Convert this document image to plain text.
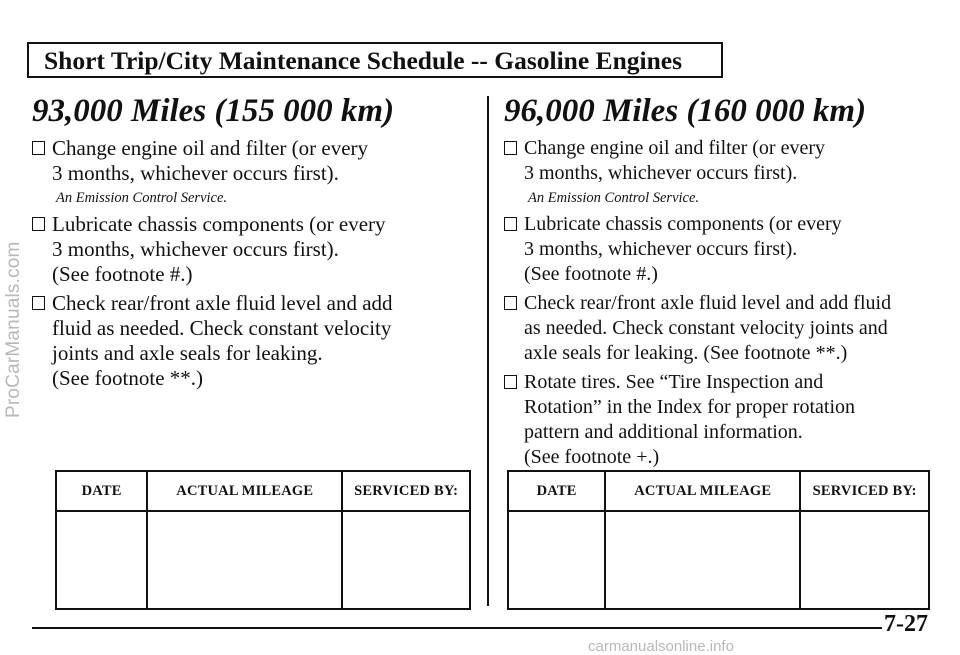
ProCarManuals.com
Short Trip/City Maintenance Schedule -- Gasoline Engines
93,000 Miles (155 000 km)
Change engine oil and filter (or every
3 months, whichever occurs first).
An Emission Control Service.
Lubricate chassis components (or every
3 months, whichever occurs first).
(See footnote #.)
Check rear/front axle fluid level and add
fluid as needed. Check constant velocity
joints and axle seals for leaking.
(See footnote **.)
96,000 Miles (160 000 km)
Change engine oil and filter (or every
3 months, whichever occurs first).
An Emission Control Service.
Lubricate chassis components (or every
3 months, whichever occurs first).
(See footnote #.)
Check rear/front axle fluid level and add fluid
as needed. Check constant velocity joints and
axle seals for leaking. (See footnote **.)
Rotate tires. See “Tire Inspection and
Rotation” in the Index for proper rotation
pattern and additional information.
(See footnote +.)
DATE	ACTUAL MILEAGE	SERVICED BY:
			DATE	ACTUAL MILEAGE	SERVICED BY:

7-27
carmanualsonline.info
